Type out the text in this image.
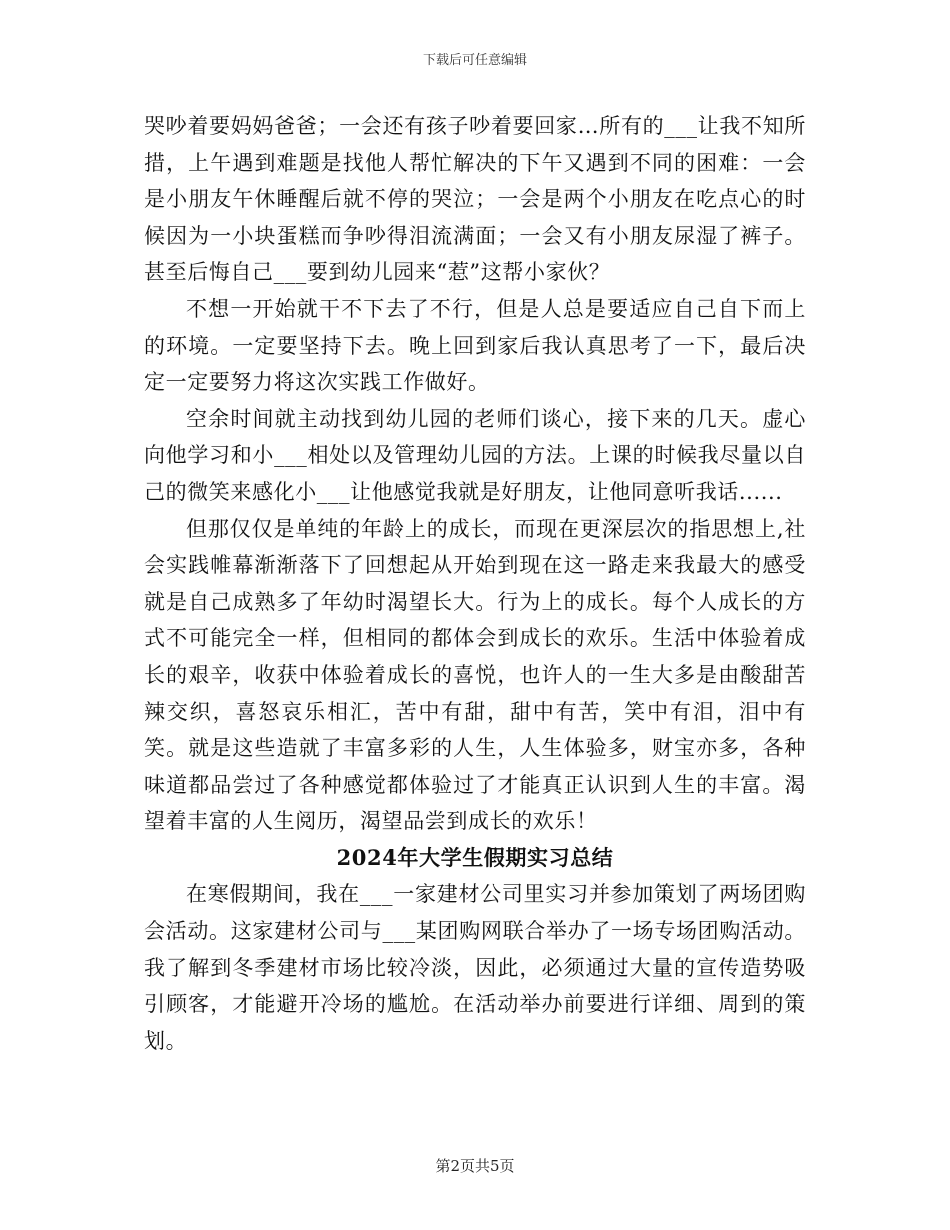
下载后可任意编辑

哭吵着要妈妈爸爸；一会还有孩子吵着要回家…所有的___让我不知所措，上午遇到难题是找他人帮忙解决的下午又遇到不同的困难：一会是小朋友午休睡醒后就不停的哭泣；一会是两个小朋友在吃点心的时候因为一小块蛋糕而争吵得泪流满面；一会又有小朋友尿湿了裤子。甚至后悔自己___要到幼儿园来“惹”这帮小家伙？

不想一开始就干不下去了不行，但是人总是要适应自己自下而上的环境。一定要坚持下去。晚上回到家后我认真思考了一下，最后决定一定要努力将这次实践工作做好。

空余时间就主动找到幼儿园的老师们谈心，接下来的几天。虚心向他学习和小___相处以及管理幼儿园的方法。上课的时候我尽量以自己的微笑来感化小___让他感觉我就是好朋友，让他同意听我话......

但那仅仅是单纯的年龄上的成长，而现在更深层次的指思想上,社会实践帷幕渐渐落下了回想起从开始到现在这一路走来我最大的感受就是自己成熟多了年幼时渴望长大。行为上的成长。每个人成长的方式不可能完全一样，但相同的都体会到成长的欢乐。生活中体验着成长的艰辛，收获中体验着成长的喜悦，也许人的一生大多是由酸甜苦辣交织，喜怒哀乐相汇，苦中有甜，甜中有苦，笑中有泪，泪中有笑。就是这些造就了丰富多彩的人生，人生体验多，财宝亦多，各种味道都品尝过了各种感觉都体验过了才能真正认识到人生的丰富。渴望着丰富的人生阅历，渴望品尝到成长的欢乐！

2024年大学生假期实习总结

在寒假期间，我在___一家建材公司里实习并参加策划了两场团购会活动。这家建材公司与___某团购网联合举办了一场专场团购活动。我了解到冬季建材市场比较冷淡，因此，必须通过大量的宣传造势吸引顾客，才能避开冷场的尴尬。在活动举办前要进行详细、周到的策划。

第2页共5页
